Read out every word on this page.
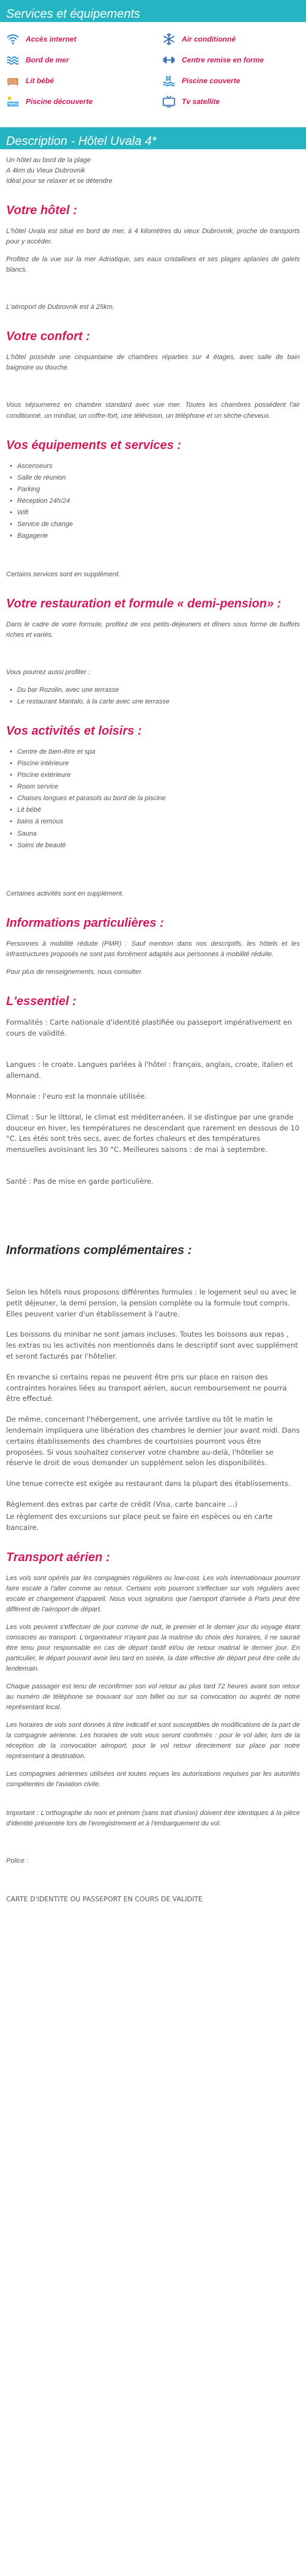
Services et équipements
Accès internet	Air conditionné
Bord de mer	Centre remise en forme
Lit bébé	Piscine couverte
Piscine découverte	Tv satellite
Description - Hôtel Uvala 4*
Un hôtel au bord de la plage
A 4km du Vieux Dubrovnik
Idéal pour se relaxer et se détendre
Votre hôtel :

L'hôtel Uvala est situé en bord de mer, à 4 kilomètres du vieux Dubrovnik, proche de transports pour y accéder.

Profitez de la vue sur la mer Adriatique, ses eaux cristallines et ses plages aplanies de galets blancs.

L'aéroport de Dubrovnik est à 25km.

Votre confort :

L'hôtel possède une cinquantaine de chambres réparties sur 4 étages, avec salle de bain baignoire ou douche.

Vous séjournerez en chambre standard avec vue mer. Toutes les chambres possèdent l'air conditionné, un minibar, un coffre-fort, une télévision, un téléphone et un sèche-cheveux.

Vos équipements et services :
• Ascenseurs
• Salle de réunion
• Parking
• Réception 24h/24
• Wifi
• Service de change
• Bagagerie

Certains services sont en supplément.

Votre restauration et formule « demi-pension» :

Dans le cadre de votre formule, profitez de vos petits-déjeuners et dîners sous forme de buffets riches et variés.

Vous pourrez aussi profiter :

• Du bar Rozolin, avec une terrasse
• Le restaurant Mantalo, à la carte avec une terrasse
Vos activités et loisirs :
• Centre de bien-être et spa
• Piscine intérieure
• Piscine extérieure
• Room service
• Chaises longues et parasols au bord de la piscine
• Lit bébé
• bains à remous
• Sauna
• Soins de beauté

Certaines activités sont en supplément.

Informations particulières :

Personnes à mobilité réduite (PMR) : Sauf mention dans nos descriptifs, les hôtels et les infrastructures proposés ne sont pas forcément adaptés aux personnes à mobilité réduite.

Pour plus de renseignements, nous consulter.

L'essentiel :

Formalités : Carte nationale d'identité plastifiée ou passeport impérativement en cours de validité.

Langues : le croate. Langues parlées à l'hôtel : français, anglais, croate, italien et allemand.

Monnaie : l'euro est la monnaie utilisée.

Climat : Sur le littoral, le climat est méditerranéen. Il se distingue par une grande douceur en hiver, les températures ne descendant que rarement en dessous de 10 °C. Les étés sont très secs, avec de fortes chaleurs et des températures mensuelles avoisinant les 30 °C. Meilleures saisons : de mai à septembre.

Santé : Pas de mise en garde particulière.

Informations complémentaires :

Selon les hôtels nous proposons différentes formules : le logement seul ou avec le petit déjeuner, la demi pension, la pension complète ou la formule tout compris. Elles peuvent varier d'un établissement à l'autre.

Les boissons du minibar ne sont jamais incluses. Toutes les boissons aux repas , les extras ou les activités non mentionnés dans le descriptif sont avec supplément et seront facturés par l'hôtelier.

En revanche si certains repas ne peuvent être pris sur place en raison des contraintes horaires liées au transport aérien, aucun remboursement ne pourra être effectué.

De même, concernant l'hébergement, une arrivée tardive ou tôt le matin le lendemain impliquera une libération des chambres le dernier jour avant midi. Dans certains établissements des chambres de courtoisies pourront vous être proposées. Si vous souhaitez conserver votre chambre au-delà, l'hôtelier se réserve le droit de vous demander un supplément selon les disponibilités.

Une tenue correcte est exigée au restaurant dans la plupart des établissements.

Règlement des extras par carte de crédit (Visa, carte bancaire ...)

Le règlement des excursions sur place peut se faire en espèces ou en carte bancaire.

Transport aérien :

Les vols sont opérés par les compagnies régulières ou low-cost. Les vols internationaux pourront faire escale à l'aller comme au retour. Certains vols pourront s'effectuer sur vols réguliers avec escale et changement d'appareil. Nous vous signalons que l'aéroport d'arrivée à Paris peut être différent de l'aéroport de départ.

Les vols peuvent s'effectuer de jour comme de nuit, le premier et le dernier jour du voyage étant consacrés au transport. L'organisateur n'ayant pas la maîtrise du choix des horaires, il ne saurait être tenu pour responsable en cas de départ tardif et/ou de retour matinal le dernier jour. En particulier, le départ pouvant avoir lieu tard en soirée, la date effective de départ peut être celle du lendemain.

Chaque passager est tenu de reconfirmer son vol retour au plus tard 72 heures avant son retour au numéro de téléphone se trouvant sur son billet ou sur sa convocation ou auprès de notre représentant local.

Les horaires de vols sont donnés à titre indicatif et sont susceptibles de modifications de la part de la compagnie aérienne. Les horaires de vols vous seront confirmés : pour le vol aller, lors de la réception de la convocation aéroport, pour le vol retour directement sur place par notre représentant à destination.

Les compagnies aériennes utilisées ont toutes reçues les autorisations requises par les autorités compétentes de l'aviation civile.

Important : L'orthographe du nom et prénom (sans trait d'union) doivent être identiques à la pièce d'identité présentée lors de l'enregistrement et à l'embarquement du vol.

Police :

CARTE D'IDENTITE OU PASSEPORT EN COURS DE VALIDITE
